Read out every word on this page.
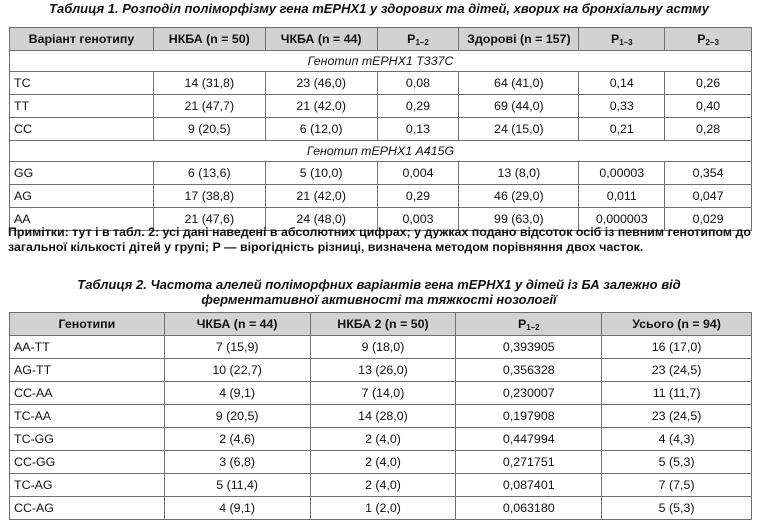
Таблиця 1. Розподіл поліморфізму гена mEPHX1 у здорових та дітей, хворих на бронхіальну астму
Варіант генотипу	НКБА (n = 50)	ЧКБА (n = 44)	$P_{1-2}$	Здорові (n = 157)	$P_{1-3}$	$P_{2-3}$
Генотип mEPHX1 Т337С						
TC	14 (31,8)	23 (46,0)	0,08	64 (41,0)	0,14	0,26
TT	21 (47,7)	21 (42,0)	0,29	69 (44,0)	0,33	0,40
CC	9 (20,5)	6 (12,0)	0,13	24 (15,0)	0,21	0,28
Генотип mEPHX1 А415G						
GG	6 (13,6)	5 (10,0)	0,004	13 (8,0)	0,00003	0,354
AG	17 (38,8)	21 (42,0)	0,29	46 (29,0)	0,011	0,047
AA	21 (47,6)	24 (48,0)	0,003	99 (63,0)	0,000003	0,029
Примітки: тут і в табл. 2: усі дані наведені в абсолютних цифрах; у дужках подано відсоток осіб із певним генотипом до загальної кількості дітей у групі; Р — вірогідність різниці, визначена методом порівняння двох часток.
Таблиця 2. Частота алелей поліморфних варіантів гена mEPHX1 у дітей із БА залежно від
ферментативної активності та тяжкості нозології
Генотипи	ЧКБА (n = 44)	НКБА 2 (n = 50)	$P_{1-2}$	Усього (n = 94)
AA-TT	7 (15,9)	9 (18,0)	0,393905	16 (17,0)
AG-TT	10 (22,7)	13 (26,0)	0,356328	23 (24,5)
CC-AA	4 (9,1)	7 (14,0)	0,230007	11 (11,7)
TC-AA	9 (20,5)	14 (28,0)	0,197908	23 (24,5)
TC-GG	2 (4,6)	2 (4,0)	0,447994	4 (4,3)
CC-GG	3 (6,8)	2 (4,0)	0,271751	5 (5,3)
TC-AG	5 (11,4)	2 (4,0)	0,087401	7 (7,5)
CC-AG	4 (9,1)	1 (2,0)	0,063180	5 (5,3)
